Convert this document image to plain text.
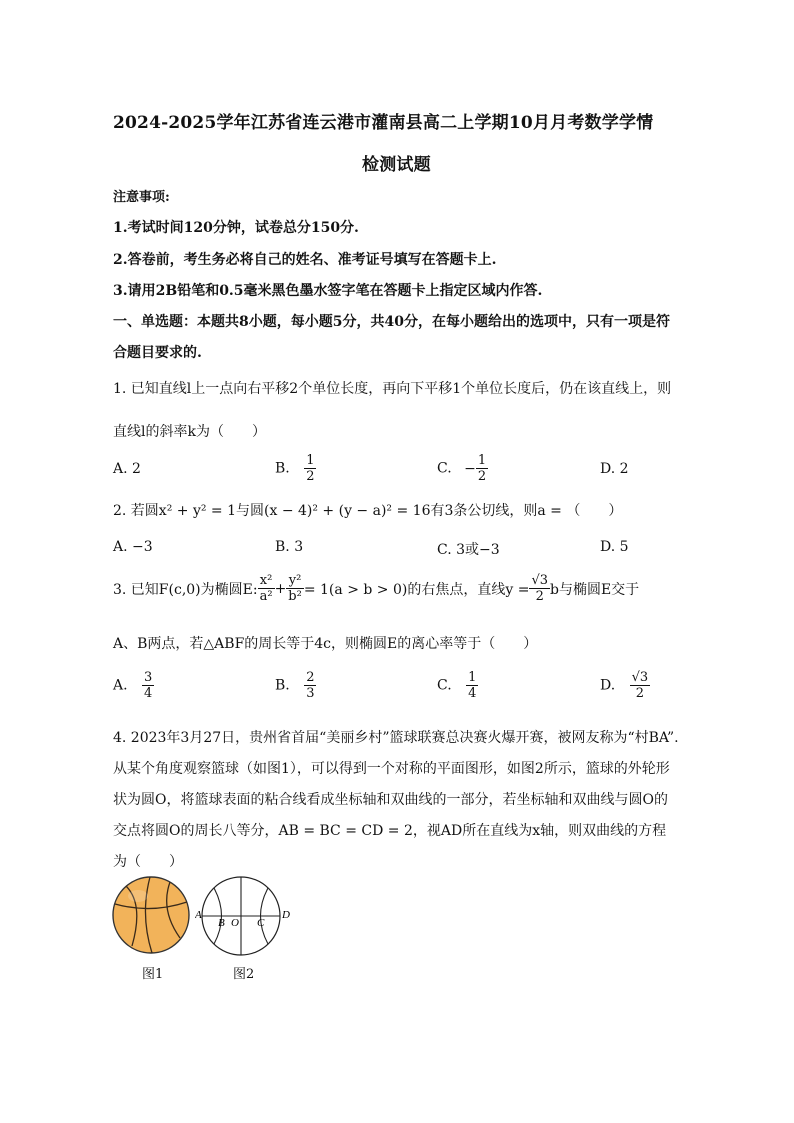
2024-2025学年江苏省连云港市灌南县高二上学期10月月考数学学情
检测试题
注意事项:
1.考试时间120分钟，试卷总分150分.
2.答卷前，考生务必将自己的姓名、准考证号填写在答题卡上.
3.请用2B铅笔和0.5毫米黑色墨水签字笔在答题卡上指定区域内作答.
一、单选题：本题共8小题，每小题5分，共40分，在每小题给出的选项中，只有一项是符
合题目要求的.
1. 已知直线l上一点向右平移2个单位长度，再向下平移1个单位长度后，仍在该直线上，则
直线l的斜率k为（　　）
A. 2	B. $\frac{1}{2}$	C. − $\frac{1}{2}$	D. 2
2. 若圆x² + y² = 1与圆(x − 4)² + (y − a)² = 16有3条公切线，则a = （　　）
A. −3	B. 3	C. 3或−3	D. 5
3. 已知F(c,0)为椭圆E: $\frac{\text{x²}}{\text{a²}} + \frac{\text{y²}}{\text{b²}} = 1(a > b > 0)$的右焦点，直线$y = \frac{√3}{2}$ b与椭圆E交于
A、B两点，若△ABF的周长等于4c，则椭圆E的离心率等于（　　）
A. $\frac{3}{4}$	B. $\frac{2}{3}$	C. $\frac{1}{4}$	D. $\frac{√3}{2}$
4. 2023年3月27日，贵州省首届“美丽乡村”篮球联赛总决赛火爆开赛，被网友称为“村BA”.
从某个角度观察篮球（如图1），可以得到一个对称的平面图形，如图2所示，篮球的外轮形
状为圆O，将篮球表面的粘合线看成坐标轴和双曲线的一部分，若坐标轴和双曲线与圆O的
交点将圆O的周长八等分，AB = BC = CD = 2，视AD所在直线为x轴，则双曲线的方程
为（　　）
图1
A
B O C
D
图2
